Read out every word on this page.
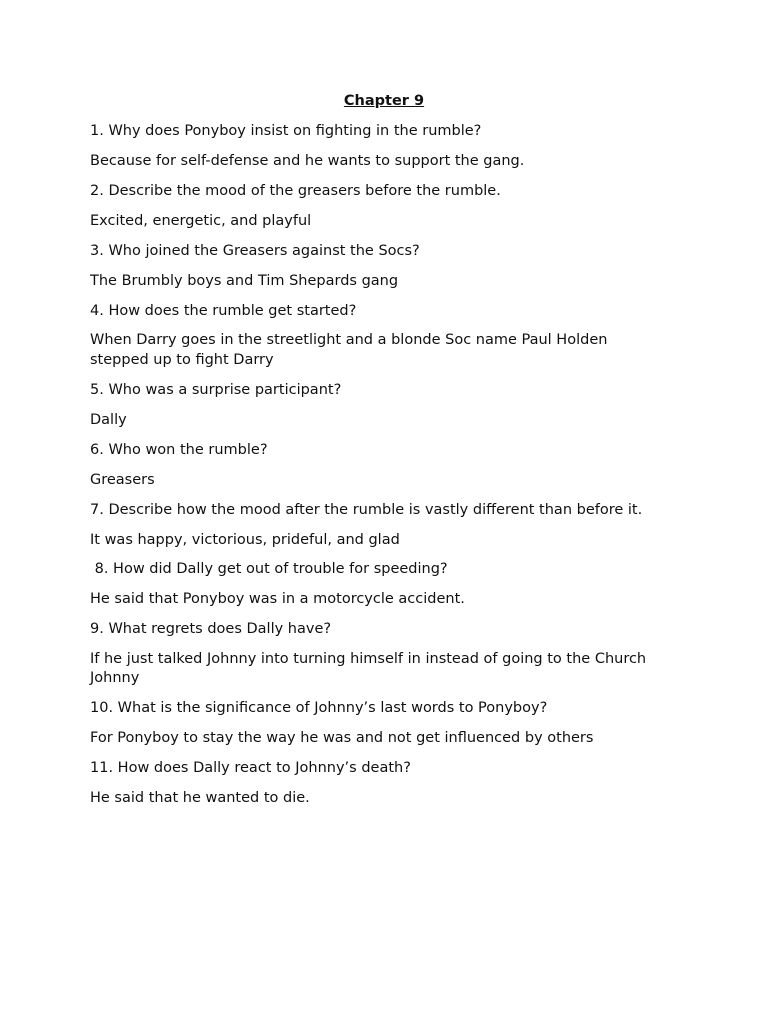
Chapter 9
1. Why does Ponyboy insist on fighting in the rumble?
Because for self-defense and he wants to support the gang.
2. Describe the mood of the greasers before the rumble.
Excited, energetic, and playful
3. Who joined the Greasers against the Socs?
The Brumbly boys and Tim Shepards gang
4. How does the rumble get started?
When Darry goes in the streetlight and a blonde Soc name Paul Holden
stepped up to fight Darry
5. Who was a surprise participant?
Dally
6. Who won the rumble?
Greasers
7. Describe how the mood after the rumble is vastly different than before it.
It was happy, victorious, prideful, and glad
8. How did Dally get out of trouble for speeding?
He said that Ponyboy was in a motorcycle accident.
9. What regrets does Dally have?
If he just talked Johnny into turning himself in instead of going to the Church
Johnny
10. What is the significance of Johnny’s last words to Ponyboy?
For Ponyboy to stay the way he was and not get influenced by others
11. How does Dally react to Johnny’s death?
He said that he wanted to die.
